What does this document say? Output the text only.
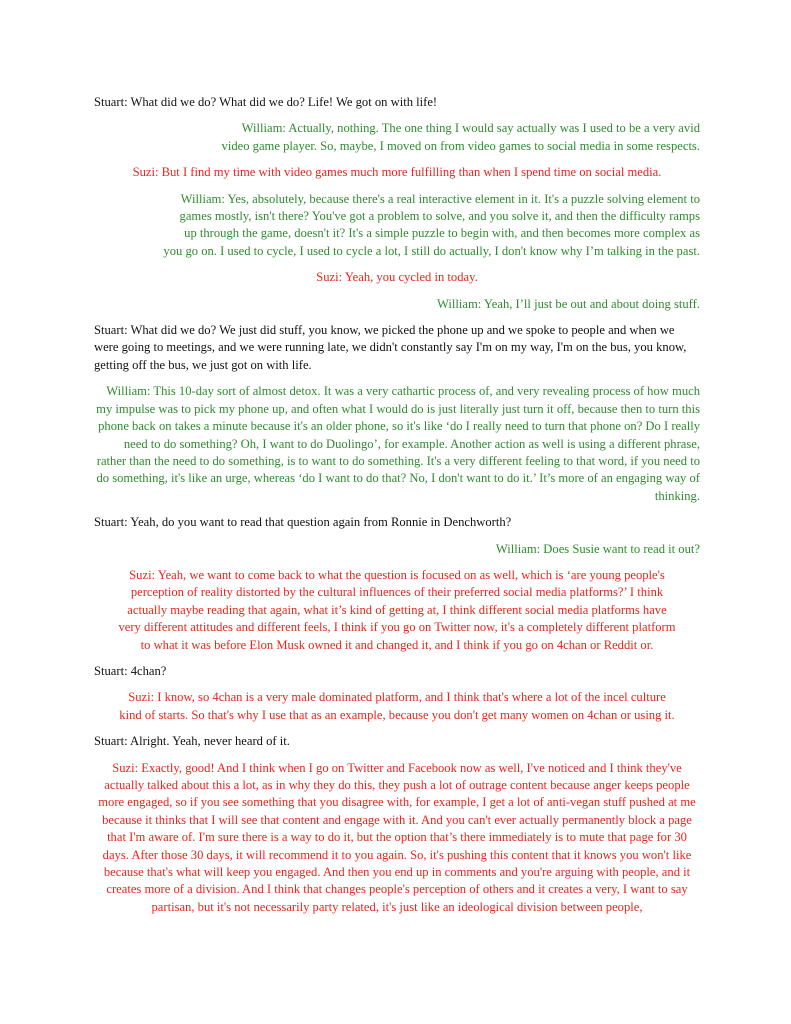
Stuart: What did we do? What did we do? Life! We got on with life!

William: Actually, nothing. The one thing I would say actually was I used to be a very avid video game player. So, maybe, I moved on from video games to social media in some respects.

Suzi: But I find my time with video games much more fulfilling than when I spend time on social media.

William: Yes, absolutely, because there's a real interactive element in it. It's a puzzle solving element to games mostly, isn't there? You've got a problem to solve, and you solve it, and then the difficulty ramps up through the game, doesn't it? It's a simple puzzle to begin with, and then becomes more complex as you go on. I used to cycle, I used to cycle a lot, I still do actually, I don't know why I’m talking in the past.

Suzi: Yeah, you cycled in today.

William: Yeah, I’ll just be out and about doing stuff.

Stuart: What did we do? We just did stuff, you know, we picked the phone up and we spoke to people and when we were going to meetings, and we were running late, we didn't constantly say I'm on my way, I'm on the bus, you know, getting off the bus, we just got on with life.

William: This 10-day sort of almost detox. It was a very cathartic process of, and very revealing process of how much my impulse was to pick my phone up, and often what I would do is just literally just turn it off, because then to turn this phone back on takes a minute because it's an older phone, so it's like ‘do I really need to turn that phone on? Do I really need to do something? Oh, I want to do Duolingo’, for example. Another action as well is using a different phrase, rather than the need to do something, is to want to do something. It's a very different feeling to that word, if you need to do something, it's like an urge, whereas ‘do I want to do that? No, I don't want to do it.’ It’s more of an engaging way of thinking.

Stuart: Yeah, do you want to read that question again from Ronnie in Denchworth?

William: Does Susie want to read it out?

Suzi: Yeah, we want to come back to what the question is focused on as well, which is ‘are young people's perception of reality distorted by the cultural influences of their preferred social media platforms?’ I think actually maybe reading that again, what it’s kind of getting at, I think different social media platforms have very different attitudes and different feels, I think if you go on Twitter now, it's a completely different platform to what it was before Elon Musk owned it and changed it, and I think if you go on 4chan or Reddit or.

Stuart: 4chan?

Suzi: I know, so 4chan is a very male dominated platform, and I think that's where a lot of the incel culture kind of starts. So that's why I use that as an example, because you don't get many women on 4chan or using it.

Stuart: Alright. Yeah, never heard of it.

Suzi: Exactly, good! And I think when I go on Twitter and Facebook now as well, I've noticed and I think they've actually talked about this a lot, as in why they do this, they push a lot of outrage content because anger keeps people more engaged, so if you see something that you disagree with, for example, I get a lot of anti-vegan stuff pushed at me because it thinks that I will see that content and engage with it. And you can't ever actually permanently block a page that I'm aware of. I'm sure there is a way to do it, but the option that’s there immediately is to mute that page for 30 days. After those 30 days, it will recommend it to you again. So, it's pushing this content that it knows you won't like because that's what will keep you engaged. And then you end up in comments and you're arguing with people, and it creates more of a division. And I think that changes people's perception of others and it creates a very, I want to say partisan, but it's not necessarily party related, it's just like an ideological division between people,
